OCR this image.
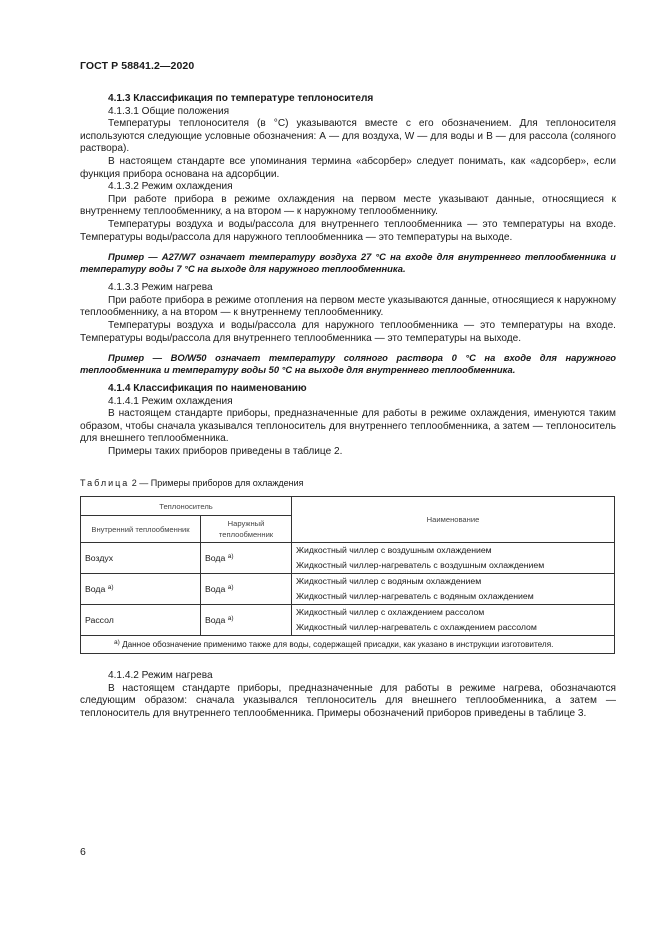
ГОСТ Р 58841.2—2020

4.1.3 Классификация по температуре теплоносителя

4.1.3.1 Общие положения

Температуры теплоносителя (в °С) указываются вместе с его обозначением. Для теплоносителя используются следующие условные обозначения: А — для воздуха, W — для воды и В — для рассола (соляного раствора).

В настоящем стандарте все упоминания термина «абсорбер» следует понимать, как «адсорбер», если функция прибора основана на адсорбции.

4.1.3.2 Режим охлаждения

При работе прибора в режиме охлаждения на первом месте указывают данные, относящиеся к внутреннему теплообменнику, а на втором — к наружному теплообменнику.

Температуры воздуха и воды/рассола для внутреннего теплообменника — это температуры на входе. Температуры воды/рассола для наружного теплообменника — это температуры на выходе.

Пример — A27/W7 означает температуру воздуха 27 °С на входе для внутреннего теплообменника и температуру воды 7 °С на выходе для наружного теплообменника.

4.1.3.3 Режим нагрева

При работе прибора в режиме отопления на первом месте указываются данные, относящиеся к наружному теплообменнику, а на втором — к внутреннему теплообменнику.

Температуры воздуха и воды/рассола для наружного теплообменника — это температуры на входе. Температуры воды/рассола для внутреннего теплообменника — это температуры на выходе.

Пример — BO/W50 означает температуру соляного раствора 0 °С на входе для наружного теплообменника и температуру воды 50 °С на выходе для внутреннего теплообменника.

4.1.4 Классификация по наименованию

4.1.4.1 Режим охлаждения

В настоящем стандарте приборы, предназначенные для работы в режиме охлаждения, именуются таким образом, чтобы сначала указывался теплоноситель для внутреннего теплообменника, а затем — теплоноситель для внешнего теплообменника.

Примеры таких приборов приведены в таблице 2.

Таблица 2 — Примеры приборов для охлаждения

Теплоноситель		Наименование
Внутренний теплообменник	Наружный теплообменник	
Воздух	Вода $^{а)}$	Жидкостный чиллер с воздушным охлаждением
		Жидкостный чиллер-нагреватель с воздушным охлаждением
Вода $^{а)}$	Вода $^{а)}$	Жидкостный чиллер с водяным охлаждением
		Жидкостный чиллер-нагреватель с водяным охлаждением
Рассол	Вода $^{а)}$	Жидкостный чиллер с охлаждением рассолом
		Жидкостный чиллер-нагреватель с охлаждением рассолом
$^{а)}$ Данное обозначение применимо также для воды, содержащей присадки, как указано в инструкции изготовителя.		

4.1.4.2 Режим нагрева

В настоящем стандарте приборы, предназначенные для работы в режиме нагрева, обозначаются следующим образом: сначала указывался теплоноситель для внешнего теплообменника, а затем — теплоноситель для внутреннего теплообменника. Примеры обозначений приборов приведены в таблице 3.

6
